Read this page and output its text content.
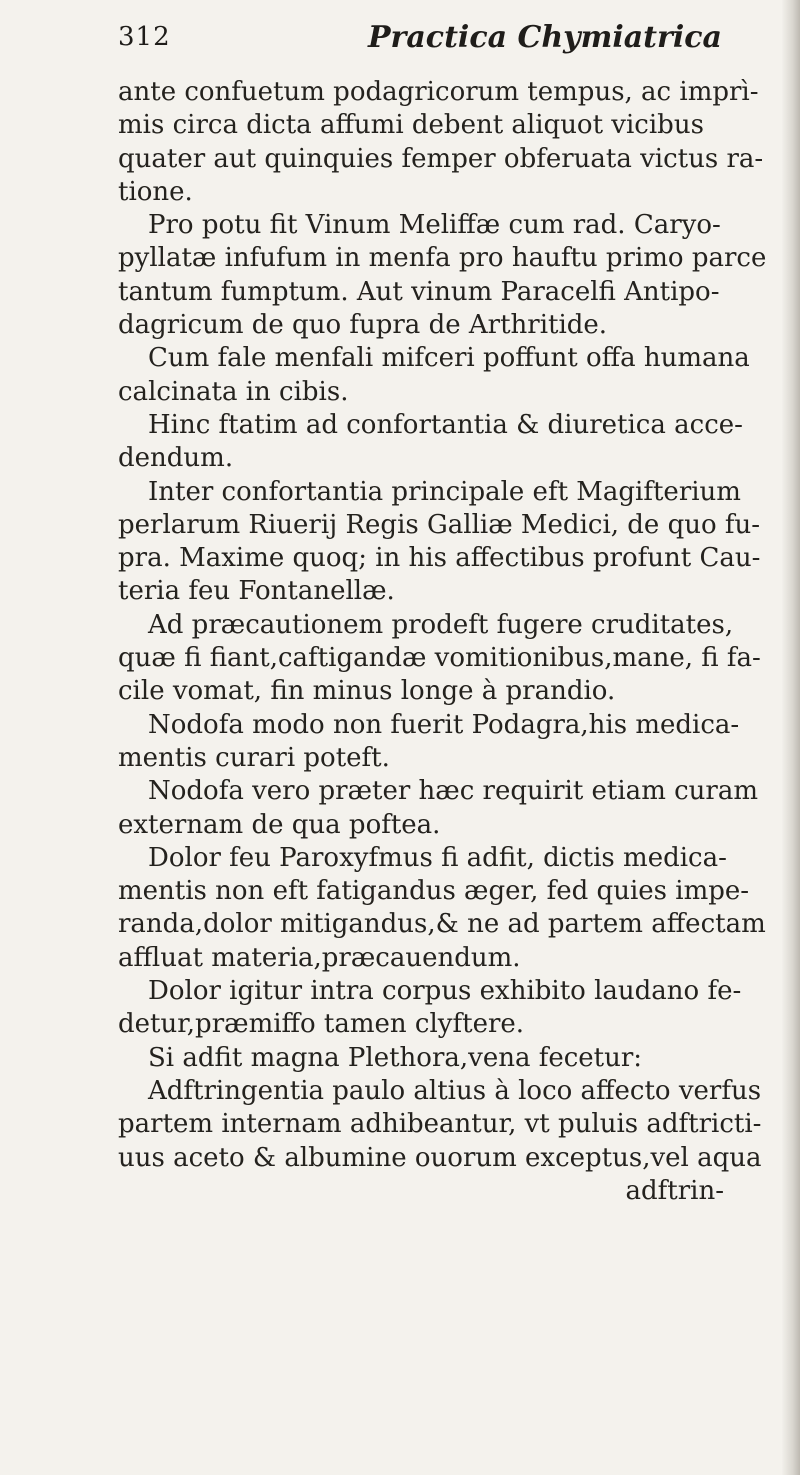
312	Practica Chymiatrica
ante confuetum podagricorum tempus, ac imprì-
mis circa dicta affumi debent aliquot vicibus
quater aut quinquies femper obferuata victus ra-
tione.
Pro potu fit Vinum Meliffæ cum rad. Caryo-
pyllatæ infufum in menfa pro hauftu primo parce
tantum fumptum. Aut vinum Paracelfi Antipo-
dagricum de quo fupra de Arthritide.
Cum fale menfali mifceri poffunt offa humana
calcinata in cibis.
Hinc ftatim ad confortantia & diuretica acce-
dendum.
Inter confortantia principale eft Magifterium
perlarum Riuerij Regis Galliæ Medici, de quo fu-
pra. Maxime quoq; in his affectibus profunt Cau-
teria feu Fontanellæ.
Ad præcautionem prodeft fugere cruditates,
quæ fi fiant,caftigandæ vomitionibus,mane, fi fa-
cile vomat, fin minus longe à prandio.
Nodofa modo non fuerit Podagra,his medica-
mentis curari poteft.
Nodofa vero præter hæc requirit etiam curam
externam de qua poftea.
Dolor feu Paroxyfmus fi adfit, dictis medica-
mentis non eft fatigandus æger, fed quies impe-
randa,dolor mitigandus,& ne ad partem affectam
affluat materia,præcauendum.
Dolor igitur intra corpus exhibito laudano fe-
detur,præmiffo tamen clyftere.
Si adfit magna Plethora,vena fecetur:
Adftringentia paulo altius à loco affecto verfus
partem internam adhibeantur, vt puluis adftricti-
uus aceto & albumine ouorum exceptus,vel aqua
adftrin-
